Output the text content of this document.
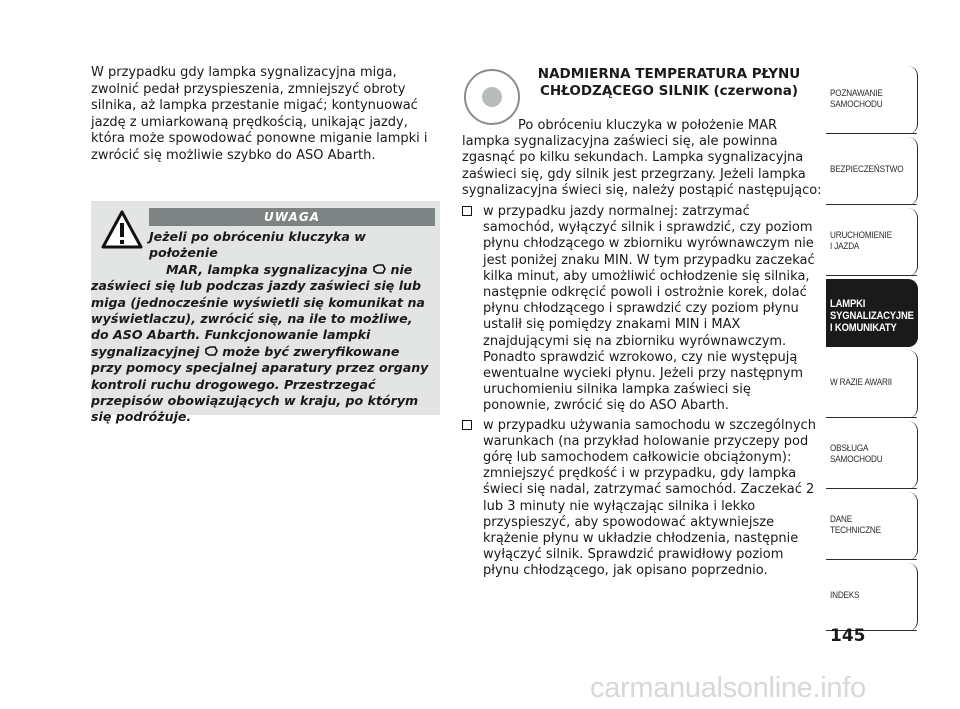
W przypadku gdy lampka sygnalizacyjna miga, zwolnić pedał przyspieszenia, zmniejszyć obroty silnika, aż lampka przestanie migać; kontynuować jazdę z umiarkowaną prędkością, unikając jazdy, która może spowodować ponowne miganie lampki i zwrócić się możliwie szybko do ASO Abarth.

UWAGA

Jeżeli po obróceniu kluczyka w położenie
MAR, lampka sygnalizacyjna nie
zaświeci się lub podczas jazdy zaświeci się lub miga (jednocześnie wyświetli się komunikat na wyświetlaczu), zwrócić się, na ile to możliwe, do ASO Abarth. Funkcjonowanie lampki sygnalizacyjnej może być zweryfikowane przy pomocy specjalnej aparatury przez organy kontroli ruchu drogowego. Przestrzegać przepisów obowiązujących w kraju, po którym się podróżuje.

NADMIERNA TEMPERATURA PŁYNU CHŁODZĄCEGO SILNIK (czerwona)

Po obróceniu kluczyka w położenie MAR lampka sygnalizacyjna zaświeci się, ale powinna zgasnąć po kilku sekundach. Lampka sygnalizacyjna zaświeci się, gdy silnik jest przegrzany. Jeżeli lampka sygnalizacyjna świeci się, należy postąpić następująco:

w przypadku jazdy normalnej: zatrzymać samochód, wyłączyć silnik i sprawdzić, czy poziom płynu chłodzącego w zbiorniku wyrównawczym nie jest poniżej znaku MIN. W tym przypadku zaczekać kilka minut, aby umożliwić ochłodzenie się silnika, następnie odkręcić powoli i ostrożnie korek, dolać płynu chłodzącego i sprawdzić czy poziom płynu ustalił się pomiędzy znakami MIN i MAX znajdującymi się na zbiorniku wyrównawczym. Ponadto sprawdzić wzrokowo, czy nie występują ewentualne wycieki płynu. Jeżeli przy następnym uruchomieniu silnika lampka zaświeci się ponownie, zwrócić się do ASO Abarth.
w przypadku używania samochodu w szczególnych warunkach (na przykład holowanie przyczepy pod górę lub samochodem całkowicie obciążonym): zmniejszyć prędkość i w przypadku, gdy lampka świeci się nadal, zatrzymać samochód. Zaczekać 2 lub 3 minuty nie wyłączając silnika i lekko przyspieszyć, aby spowodować aktywniejsze krążenie płynu w układzie chłodzenia, następnie wyłączyć silnik. Sprawdzić prawidłowy poziom płynu chłodzącego, jak opisano poprzednio.
POZNAWANIE
SAMOCHODU
BEZPIECZEŃSTWO
URUCHOMIENIE
I JAZDA
LAMPKI
SYGNALIZACYJNE
I KOMUNIKATY
W RAZIE AWARII
OBSŁUGA
SAMOCHODU
DANE
TECHNICZNE
INDEKS
145
carmanualsonline.info
